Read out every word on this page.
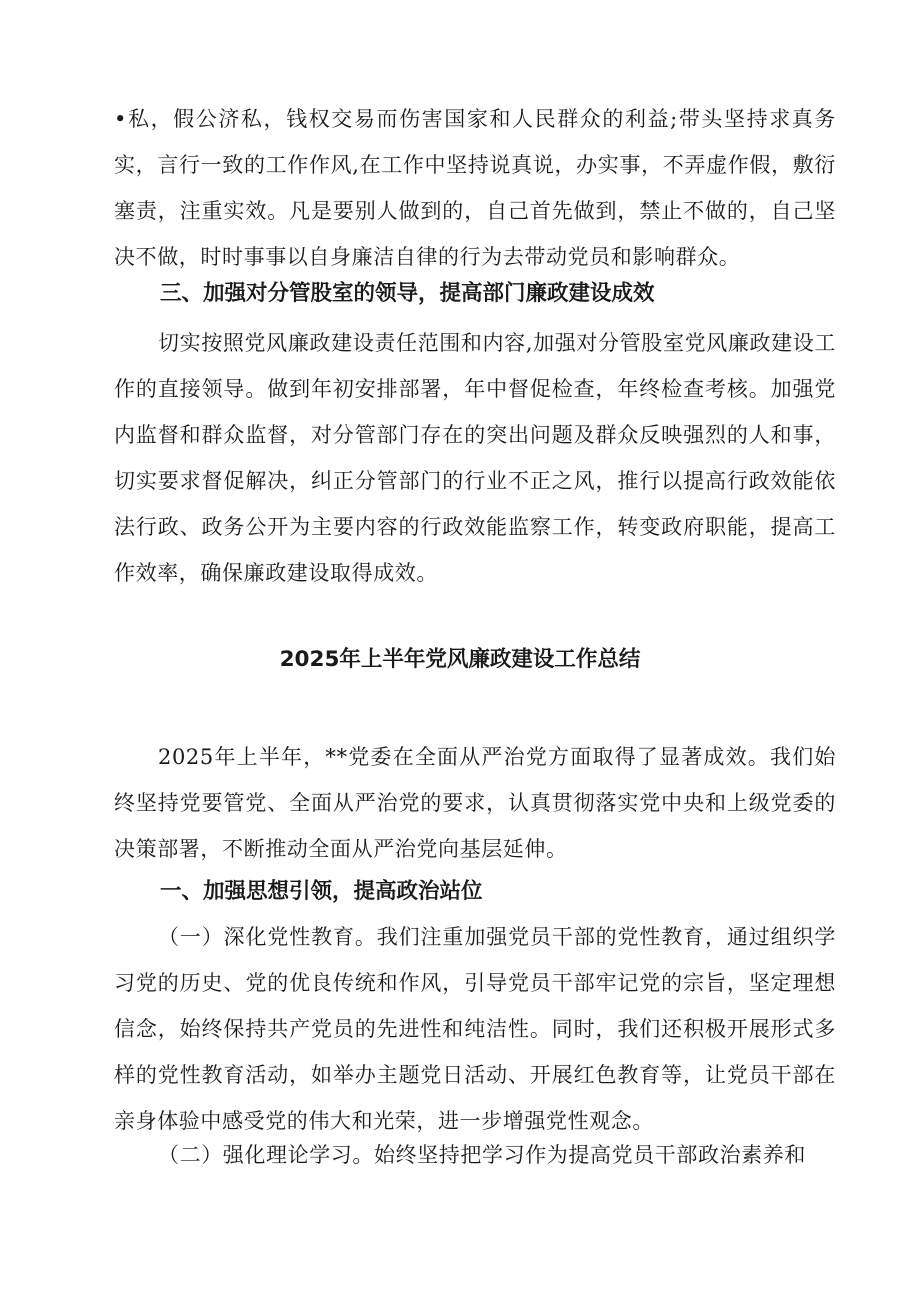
•私，假公济私，钱权交易而伤害国家和人民群众的利益;带头坚持求真务实，言行一致的工作作风,在工作中坚持说真说，办实事，不弄虚作假，敷衍塞责，注重实效。凡是要别人做到的，自己首先做到，禁止不做的，自己坚决不做，时时事事以自身廉洁自律的行为去带动党员和影响群众。

三、加强对分管股室的领导，提高部门廉政建设成效

切实按照党风廉政建设责任范围和内容,加强对分管股室党风廉政建设工作的直接领导。做到年初安排部署，年中督促检查，年终检查考核。加强党内监督和群众监督，对分管部门存在的突出问题及群众反映强烈的人和事，切实要求督促解决，纠正分管部门的行业不正之风，推行以提高行政效能依法行政、政务公开为主要内容的行政效能监察工作，转变政府职能，提高工作效率，确保廉政建设取得成效。

2025年上半年党风廉政建设工作总结

2025年上半年，**党委在全面从严治党方面取得了显著成效。我们始终坚持党要管党、全面从严治党的要求，认真贯彻落实党中央和上级党委的决策部署，不断推动全面从严治党向基层延伸。

一、加强思想引领，提高政治站位

（一）深化党性教育。我们注重加强党员干部的党性教育，通过组织学习党的历史、党的优良传统和作风，引导党员干部牢记党的宗旨，坚定理想信念，始终保持共产党员的先进性和纯洁性。同时，我们还积极开展形式多样的党性教育活动，如举办主题党日活动、开展红色教育等，让党员干部在亲身体验中感受党的伟大和光荣，进一步增强党性观念。

（二）强化理论学习。始终坚持把学习作为提高党员干部政治素养和
